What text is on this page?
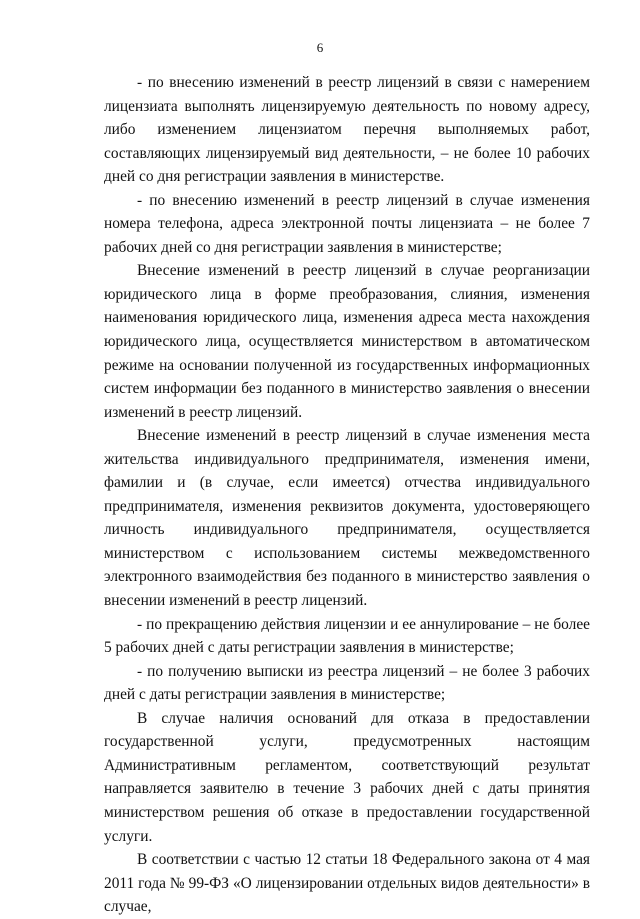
6

- по внесению изменений в реестр лицензий в связи с намерением лицензиата выполнять лицензируемую деятельность по новому адресу, либо изменением лицензиатом перечня выполняемых работ, составляющих лицензируемый вид деятельности, – не более 10 рабочих дней со дня регистрации заявления в министерстве.

- по внесению изменений в реестр лицензий в случае изменения номера телефона, адреса электронной почты лицензиата – не более 7 рабочих дней со дня регистрации заявления в министерстве;

Внесение изменений в реестр лицензий в случае реорганизации юридического лица в форме преобразования, слияния, изменения наименования юридического лица, изменения адреса места нахождения юридического лица, осуществляется министерством в автоматическом режиме на основании полученной из государственных информационных систем информации без поданного в министерство заявления о внесении изменений в реестр лицензий.

Внесение изменений в реестр лицензий в случае изменения места жительства индивидуального предпринимателя, изменения имени, фамилии и (в случае, если имеется) отчества индивидуального предпринимателя, изменения реквизитов документа, удостоверяющего личность индивидуального предпринимателя, осуществляется министерством с использованием системы межведомственного электронного взаимодействия без поданного в министерство заявления о внесении изменений в реестр лицензий.

- по прекращению действия лицензии и ее аннулирование – не более 5 рабочих дней с даты регистрации заявления в министерстве;

- по получению выписки из реестра лицензий – не более 3 рабочих дней с даты регистрации заявления в министерстве;

В случае наличия оснований для отказа в предоставлении государственной услуги, предусмотренных настоящим Административным регламентом, соответствующий результат направляется заявителю в течение 3 рабочих дней с даты принятия министерством решения об отказе в предоставлении государственной услуги.

В соответствии с частью 12 статьи 18 Федерального закона от 4 мая 2011 года № 99-ФЗ «О лицензировании отдельных видов деятельности» в случае,
